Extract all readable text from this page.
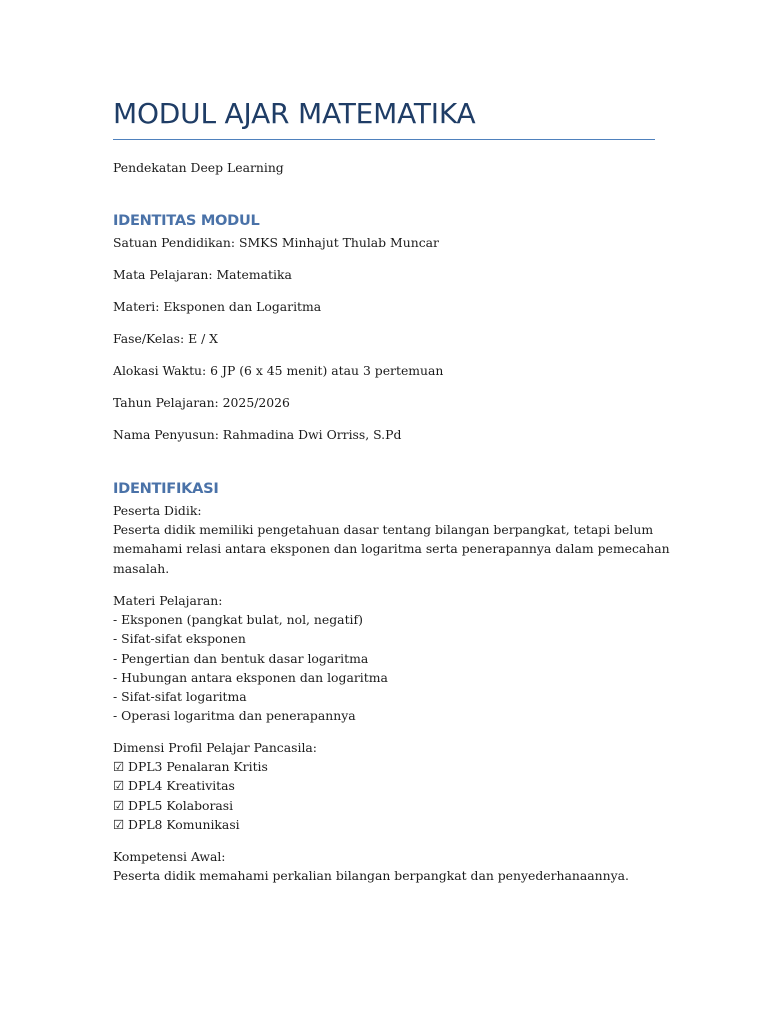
MODUL AJAR MATEMATIKA

Pendekatan Deep Learning

IDENTITAS MODUL

Satuan Pendidikan: SMKS Minhajut Thulab Muncar

Mata Pelajaran: Matematika

Materi: Eksponen dan Logaritma

Fase/Kelas: E / X

Alokasi Waktu: 6 JP (6 x 45 menit) atau 3 pertemuan

Tahun Pelajaran: 2025/2026

Nama Penyusun: Rahmadina Dwi Orriss, S.Pd

IDENTIFIKASI
Peserta Didik:
Peserta didik memiliki pengetahuan dasar tentang bilangan berpangkat, tetapi belum
memahami relasi antara eksponen dan logaritma serta penerapannya dalam pemecahan
masalah.
Materi Pelajaran:
- Eksponen (pangkat bulat, nol, negatif)
- Sifat-sifat eksponen
- Pengertian dan bentuk dasar logaritma
- Hubungan antara eksponen dan logaritma
- Sifat-sifat logaritma
- Operasi logaritma dan penerapannya
Dimensi Profil Pelajar Pancasila:
☑ DPL3 Penalaran Kritis
☑ DPL4 Kreativitas
☑ DPL5 Kolaborasi
☑ DPL8 Komunikasi
Kompetensi Awal:
Peserta didik memahami perkalian bilangan berpangkat dan penyederhanaannya.
